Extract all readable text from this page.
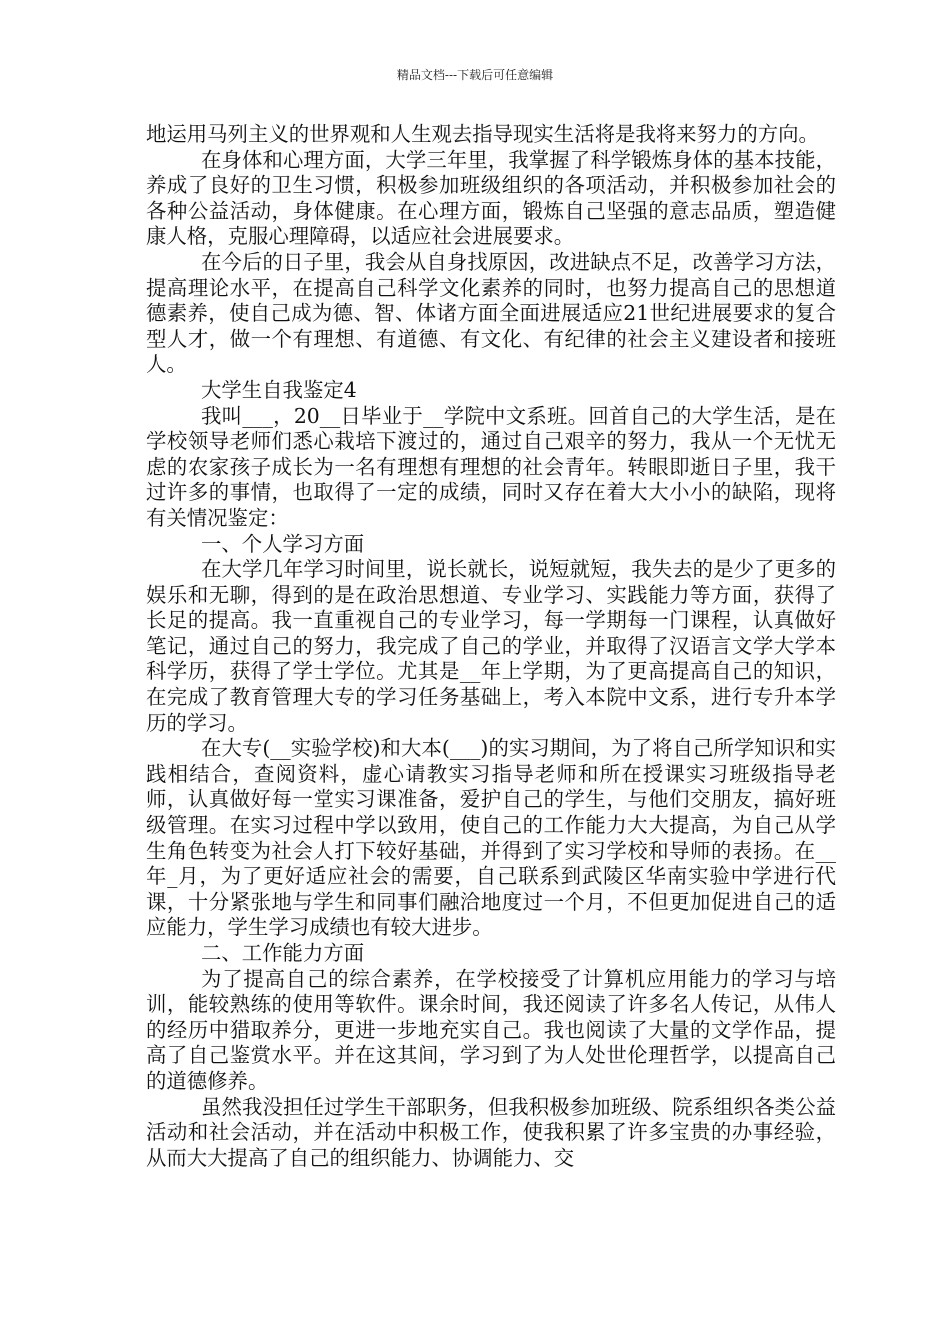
精品文档---下载后可任意编辑

地运用马列主义的世界观和人生观去指导现实生活将是我将来努力的方向。

在身体和心理方面，大学三年里，我掌握了科学锻炼身体的基本技能，养成了良好的卫生习惯，积极参加班级组织的各项活动，并积极参加社会的各种公益活动，身体健康。在心理方面，锻炼自己坚强的意志品质，塑造健康人格，克服心理障碍，以适应社会进展要求。

在今后的日子里，我会从自身找原因，改进缺点不足，改善学习方法，提高理论水平，在提高自己科学文化素养的同时，也努力提高自己的思想道德素养，使自己成为德、智、体诸方面全面进展适应21世纪进展要求的复合型人才，做一个有理想、有道德、有文化、有纪律的社会主义建设者和接班人。

大学生自我鉴定4

我叫___，20__日毕业于__学院中文系班。回首自己的大学生活，是在学校领导老师们悉心栽培下渡过的，通过自己艰辛的努力，我从一个无忧无虑的农家孩子成长为一名有理想有理想的社会青年。转眼即逝日子里，我干过许多的事情，也取得了一定的成绩，同时又存在着大大小小的缺陷，现将有关情况鉴定：

一、个人学习方面

在大学几年学习时间里，说长就长，说短就短，我失去的是少了更多的娱乐和无聊，得到的是在政治思想道、专业学习、实践能力等方面，获得了长足的提高。我一直重视自己的专业学习，每一学期每一门课程，认真做好笔记，通过自己的努力，我完成了自己的学业，并取得了汉语言文学大学本科学历，获得了学士学位。尤其是__年上学期，为了更高提高自己的知识，在完成了教育管理大专的学习任务基础上，考入本院中文系，进行专升本学历的学习。

在大专(__实验学校)和大本(___)的实习期间，为了将自己所学知识和实践相结合，查阅资料，虚心请教实习指导老师和所在授课实习班级指导老师，认真做好每一堂实习课准备，爱护自己的学生，与他们交朋友，搞好班级管理。在实习过程中学以致用，使自己的工作能力大大提高，为自己从学生角色转变为社会人打下较好基础，并得到了实习学校和导师的表扬。在__年_月，为了更好适应社会的需要，自己联系到武陵区华南实验中学进行代课，十分紧张地与学生和同事们融洽地度过一个月，不但更加促进自己的适应能力，学生学习成绩也有较大进步。

二、工作能力方面

为了提高自己的综合素养，在学校接受了计算机应用能力的学习与培训，能较熟练的使用等软件。课余时间，我还阅读了许多名人传记，从伟人的经历中猎取养分，更进一步地充实自己。我也阅读了大量的文学作品，提高了自己鉴赏水平。并在这其间，学习到了为人处世伦理哲学，以提高自己的道德修养。

虽然我没担任过学生干部职务，但我积极参加班级、院系组织各类公益活动和社会活动，并在活动中积极工作，使我积累了许多宝贵的办事经验，从而大大提高了自己的组织能力、协调能力、交
